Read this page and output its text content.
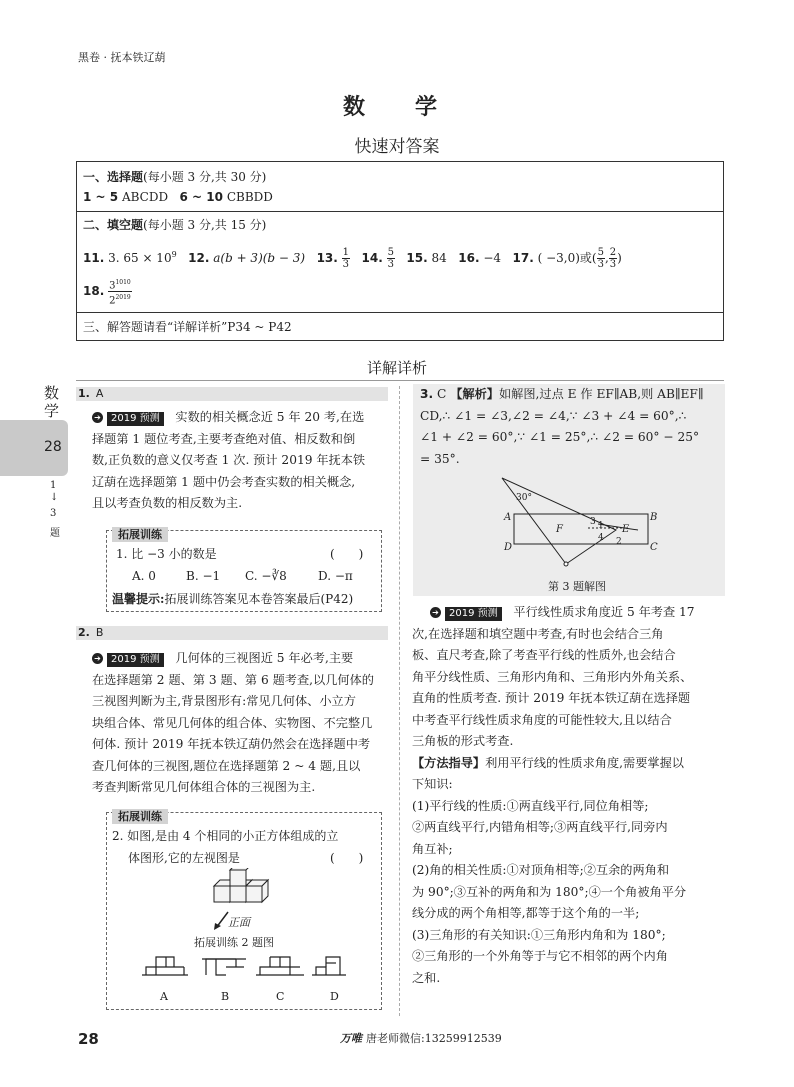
黑卷 · 抚本铁辽葫
数　学
快速对答案
一、选择题(每小题 3 分,共 30 分)
1 ~ 5 ABCDD 6 ~ 10 CBBDD
二、填空题(每小题 3 分,共 15 分)
11. 3. $65 \times 10^9$ 12. a(b + 3)(b − 3) 13. $\frac{1}{3} 14$. $\frac{5}{3} 15$. 84 16. −4 17. ( −3,0)或( $\frac{5}{3}$ , $\frac{2}{3}$ )
18. $\frac{3^{1010}}{2^{2019}}$
三、解答题请看“详解详析”P34 ~ P42
详解详析
数
学
28
1
↓
3
题
1. A
➔ 2019 预测 实数的相关概念近 5 年 20 考,在选
择题第 1 题位考查,主要考查绝对值、相反数和倒
数,正负数的意义仅考查 1 次. 预计 2019 年抚本铁
辽葫在选择题第 1 题中仍会考查实数的相关概念,
且以考查负数的相反数为主.
拓展训练
1. 比 −3 小的数是	(　　)
A. 0	B. −1 C. −∛8	D. −π
温馨提示:拓展训练答案见本卷答案最后(P42)
2. B
➔ 2019 预测 几何体的三视图近 5 年必考,主要
在选择题第 2 题、第 3 题、第 6 题考查,以几何体的
三视图判断为主,背景图形有:常见几何体、小立方
块组合体、常见几何体的组合体、实物图、不完整几
何体. 预计 2019 年抚本铁辽葫仍然会在选择题中考
查几何体的三视图,题位在选择题第 2 ~ 4 题,且以
考查判断常见几何体组合体的三视图为主.
拓展训练
2. 如图,是由 4 个相同的小正方体组成的立
体图形,它的左视图是	(　　)
正面
拓展训练 2 题图
A	B	C	D
3. C 【解析】如解图,过点 E 作 EF∥AB,则 AB∥EF∥
CD,∴ ∠1 = ∠3,∠2 = ∠4,∵ ∠3 + ∠4 = 60°,∴
∠1 + ∠2 = 60°,∵ ∠1 = 25°,∴ ∠2 = 60° − 25°
= 35°.
A	B
C
D
E
F
30°
1
2
3
4
第 3 题解图
➔ 2019 预测 平行线性质求角度近 5 年考查 17
次,在选择题和填空题中考查,有时也会结合三角
板、直尺考查,除了考查平行线的性质外,也会结合
角平分线性质、三角形内角和、三角形内外角关系、
直角的性质考查. 预计 2019 年抚本铁辽葫在选择题
中考查平行线性质求角度的可能性较大,且以结合
三角板的形式考查.
【方法指导】利用平行线的性质求角度,需要掌握以
下知识:
(1)平行线的性质:①两直线平行,同位角相等;
②两直线平行,内错角相等;③两直线平行,同旁内
角互补;
(2)角的相关性质:①对顶角相等;②互余的两角和
为 90°;③互补的两角和为 180°;④一个角被角平分
线分成的两个角相等,都等于这个角的一半;
(3)三角形的有关知识:①三角形内角和为 180°;
②三角形的一个外角等于与它不相邻的两个内角
之和.
28	万唯 唐老师微信:13259912539
